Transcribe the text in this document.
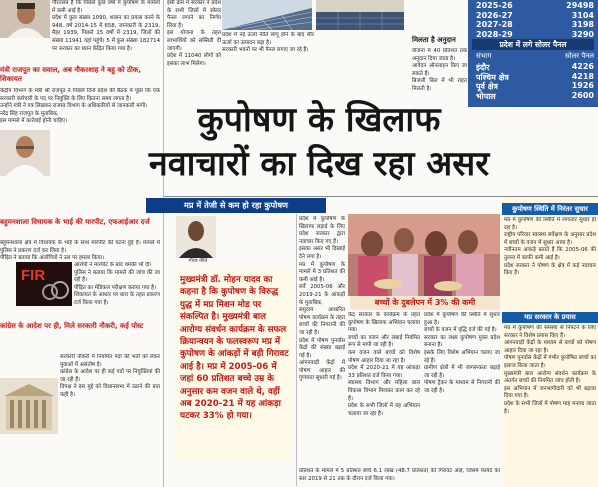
गौरतलब है कि पिछले कुछ वर्षों में कुपोषण के मामलों में कमी आई है।
प्रदेश में कुल संख्या 1090, शासन का प्रयास करने के 948, वर्ष 2014-15 में 658, जानकारी के 2319, मैहर 1939, पिछले 15 वर्षों में 2319, जिलों की संख्या 11941 वहां पहुंचे। 5 में कुल संख्या 182714 पर सरकार का ध्यान केंद्रित किया गया है।
मंत्री राजपूत का सवाल, अब नौकरशाह ने बहु को ठीक, शिकायत
केंद्रीय विभाग के मंत्री श्री राजपूत ने पिछले दिनों प्रदेश की बैठक में पूछा कि एक सरकारी कर्मचारी के पद पर नियुक्ति के लिए कितना समय लगता है।
उन्होंने मंत्री ने पत्र लिखकर राजस्व विभाग के अधिकारियों से जानकारी मांगी।
नरेंद्र सिंह राजपूत के मुताबिक,
इस मामले में कार्रवाई होनी चाहिए।
बहुमनशाला विधायक के भाई की मारपीट, एफआईआर दर्ज
बहुमनशाला क्षेत्र में विधायक के भाई के साथ मारपीट की घटना हुई है। मामले में पुलिस ने प्रकरण दर्ज कर लिया है।
पीड़ित ने बताया कि आरोपियों ने उस पर हमला किया।
FIR
आरोपी ने मारपीट के बाद धमकी भी दी।
पुलिस ने बताया कि मामले की जांच की जा रही है।
पीड़ित का मेडिकल परीक्षण कराया गया है।
शिकायत के आधार पर धारा के तहत प्रकरण दर्ज किया गया है।
कांग्रेस के आदेश पर ही, मिले सरकारी नौकरी, कई पोस्ट
सरकारी नौकरी में नियमित पदों की भर्ती को लेकर युवाओं में असंतोष है।
कांग्रेस के आदेश पर ही कई पदों पर नियुक्तियां की जा रही हैं।
विपक्ष ने इस मुद्दे को विधानसभा में उठाने की बात कही है।
इसी क्रम में सरकार ने प्रदेश के सभी जिलों में सोलर पैनल लगाने का निर्णय लिया है।
इस योजना के तहत लाभार्थियों को सब्सिडी दी जाएगी।
प्रदेश में 11040 लोगों को इसका लाभ मिलेगा।
प्रदेश में नई ऊर्जा नीति लागू होने के बाद सौर ऊर्जा का उत्पादन बढ़ा है।
सरकारी भवनों पर भी पैनल लगाए जा रहे हैं।
मिलता है अनुदान
योजना में 40 प्रतिशत तक अनुदान दिया जाता है।
आवेदन ऑनलाइन किए जा सकते हैं।
बिजली बिल में भी राहत मिलती है।
2025-26	29498
2026-27	3104
2027-28	3198
2028-29	3290
प्रदेश में लगे सोलर पैनल
संभाग	सोलर पैनल
इंदौर	4226
पश्चिम क्षेत्र	4218
पूर्व क्षेत्र	1926
भोपाल	2600
कुपोषण के खिलाफ नवाचारों का दिख रहा असर
मप्र में तेजी से कम हो रहा कुपोषण
गौरव नीति
मुख्यमंत्री डॉ. मोहन यादव का कहना है कि कुपोषण के विरुद्ध युद्ध में मप्र मिशन मोड पर संकल्पित है। मुख्यमंत्री बाल आरोग्य संवर्धन कार्यक्रम के सफल क्रियान्वयन के फलस्वरूप मप्र में कुपोषण के आंकड़ों में बड़ी गिरावट आई है। मप्र में 2005-06 में जहां 60 प्रतिशत बच्चे उम्र के अनुसार कम वजन वाले थे, वहीं अब 2020-21 में यह आंकड़ा घटकर 33% हो गया।
प्रदेश में कुपोषण के खिलाफ लड़ाई के लिए प्रदेश सरकार द्वारा नवाचार किए गए हैं।
इसका असर भी दिखाई देने लगा है।
मप्र में कुपोषण के मामले में 3 प्रतिशत की कमी आई है।
सर्वे 2005-06 और 2019-21 के आंकड़ों के मुताबिक,
समुदाय आधारित पोषण कार्यक्रम के तहत बच्चों की निगरानी की जा रही है।
प्रदेश में पोषण पुनर्वास केंद्रों की संख्या बढ़ाई गई है।
आंगनवाड़ी केंद्रों में पोषण आहार की गुणवत्ता सुधारी गई है।
केंद्र सरकार के कार्यक्रम के तहत कुपोषण के खिलाफ अभियान चलाया गया।
बच्चों का वजन और लंबाई नियमित रूप से मापी जा रही है।
कम वजन वाले बच्चों को विशेष पोषण आहार दिया जा रहा है।
प्रदेश में 2020-21 में यह आंकड़ा 33 प्रतिशत दर्ज किया गया।
स्वास्थ्य विभाग और महिला बाल विकास विभाग मिलकर काम कर रहे हैं।
प्रदेश के सभी जिलों में यह अभियान चलाया जा रहा है।
प्रदेश में कुपोषण की स्थिति में सुधार हुआ है।
बच्चों के वजन में वृद्धि दर्ज की गई है।
सरकार का लक्ष्य कुपोषण मुक्त प्रदेश बनाना है।
इसके लिए विशेष अभियान चलाए जा रहे हैं।
ग्रामीण क्षेत्रों में भी जागरूकता बढ़ाई जा रही है।
पोषण ट्रैकर के माध्यम से निगरानी की जा रही है।
प्रतिशत के मामले में 5 प्रतिशत बच्चे 6.1 लाख (48.7 प्रतिशत) की गिरावट आई, जिसमें फायदे का स्तर 2019 से 21 तक के दौरान दर्ज किया गया।
बच्चों के दुबलेपन में 3% की कमी
कुपोषण स्थिति में निरंतर सुधार
मप्र में कुपोषण की स्थिति में लगातार सुधार हो रहा है।
राष्ट्रीय परिवार स्वास्थ्य सर्वेक्षण के अनुसार प्रदेश में बच्चों के वजन में सुधार आया है।
नवीनतम आंकड़े बताते हैं कि 2005-06 की तुलना में काफी कमी आई है।
प्रदेश सरकार ने पोषण के क्षेत्र में कई नवाचार किए हैं।
मप्र सरकार के प्रयास
मप्र में कुपोषण की समस्या से निपटने के लिए सरकार ने विशेष प्रयास किए हैं।
आंगनवाड़ी केंद्रों के माध्यम से बच्चों को पोषण आहार दिया जा रहा है।
पोषण पुनर्वास केंद्रों में गंभीर कुपोषित बच्चों का इलाज किया जाता है।
मुख्यमंत्री बाल आरोग्य संवर्धन कार्यक्रम के अंतर्गत बच्चों की नियमित जांच होती है।
इस अभियान में जनभागीदारी को भी बढ़ावा दिया गया है।
प्रदेश के सभी जिलों में पोषण माह मनाया जाता है।
